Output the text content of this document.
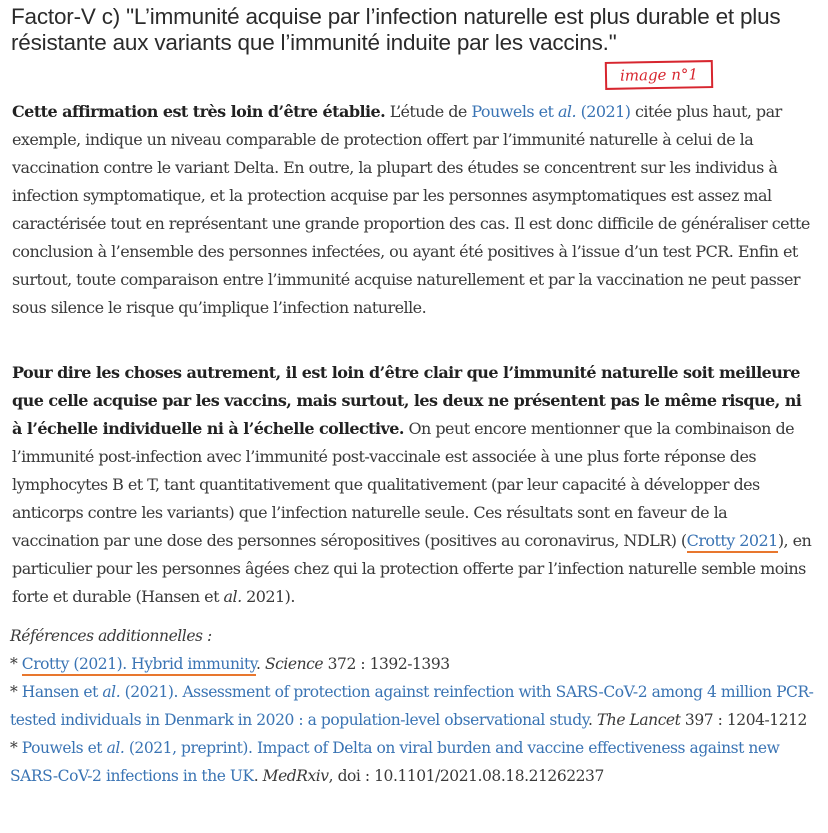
Factor-V c) "L’immunité acquise par l’infection naturelle est plus durable et plus résistante aux variants que l’immunité induite par les vaccins."
image n°1

Cette affirmation est très loin d’être établie. L’étude de Pouwels et al. (2021) citée plus haut, par exemple, indique un niveau comparable de protection offert par l’immunité naturelle à celui de la vaccination contre le variant Delta. En outre, la plupart des études se concentrent sur les individus à infection symptomatique, et la protection acquise par les personnes asymptomatiques est assez mal caractérisée tout en représentant une grande proportion des cas. Il est donc difficile de généraliser cette conclusion à l’ensemble des personnes infectées, ou ayant été positives à l’issue d’un test PCR. Enfin et surtout, toute comparaison entre l’immunité acquise naturellement et par la vaccination ne peut passer sous silence le risque qu’implique l’infection naturelle.

Pour dire les choses autrement, il est loin d’être clair que l’immunité naturelle soit meilleure que celle acquise par les vaccins, mais surtout, les deux ne présentent pas le même risque, ni à l’échelle individuelle ni à l’échelle collective. On peut encore mentionner que la combinaison de l’immunité post-infection avec l’immunité post-vaccinale est associée à une plus forte réponse des lymphocytes B et T, tant quantitativement que qualitativement (par leur capacité à développer des anticorps contre les variants) que l’infection naturelle seule. Ces résultats sont en faveur de la vaccination par une dose des personnes séropositives (positives au coronavirus, NDLR) (Crotty 2021), en particulier pour les personnes âgées chez qui la protection offerte par l’infection naturelle semble moins forte et durable (Hansen et al. 2021).

Références additionnelles :
* Crotty (2021). Hybrid immunity. Science 372 : 1392-1393
* Hansen et al. (2021). Assessment of protection against reinfection with SARS-CoV-2 among 4 million PCR-tested individuals in Denmark in 2020 : a population-level observational study. The Lancet 397 : 1204-1212
* Pouwels et al. (2021, preprint). Impact of Delta on viral burden and vaccine effectiveness against new SARS-CoV-2 infections in the UK. MedRxiv, doi : 10.1101/2021.08.18.21262237
